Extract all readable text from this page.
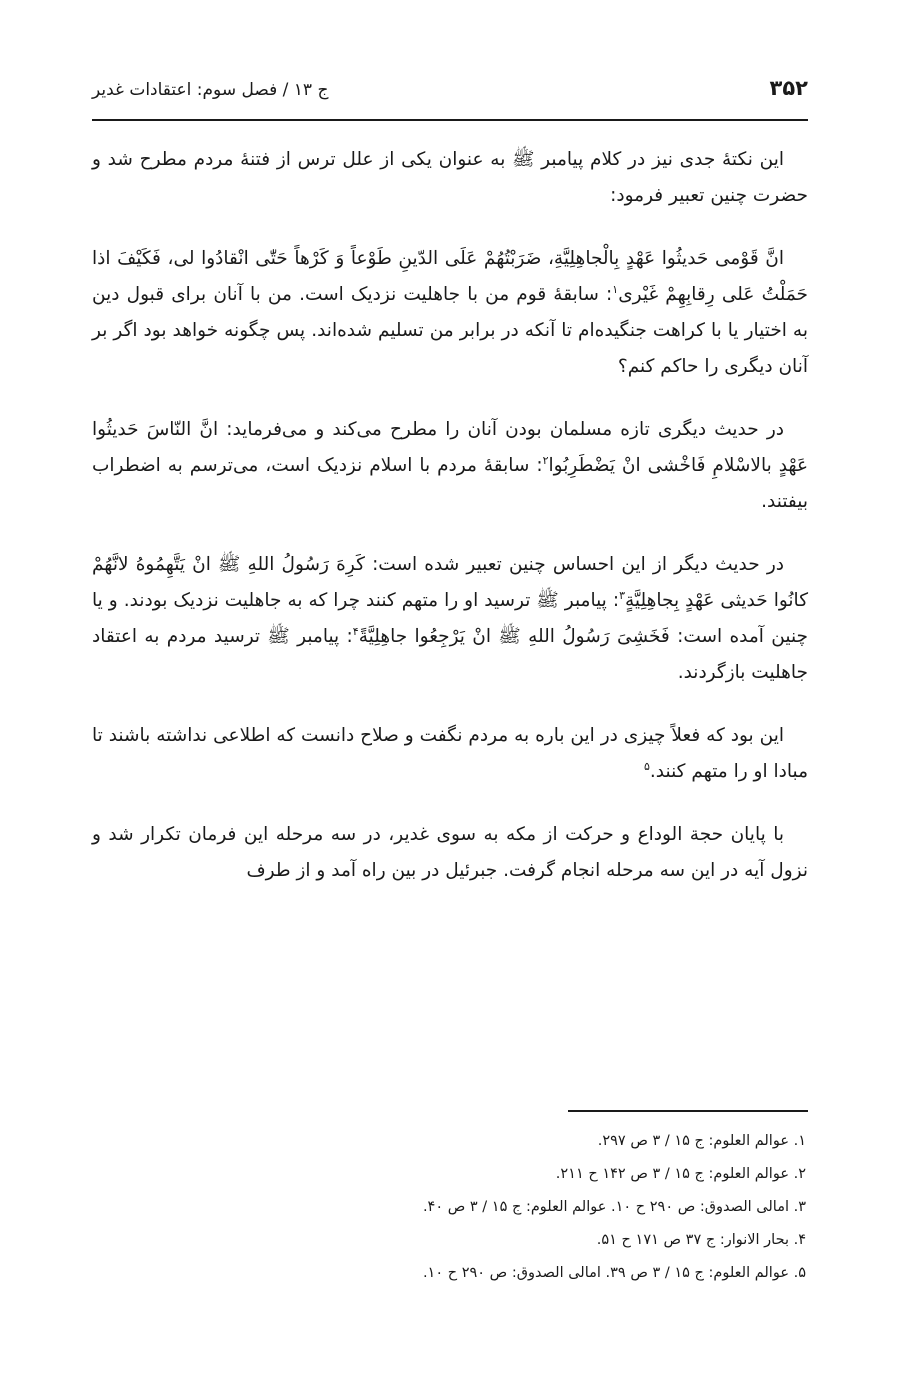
۳۵۲
ج ۱۳ / فصل سوم: اعتقادات غدیر

این نکتهٔ جدی نیز در کلام پیامبر ﷺ به عنوان یکی از علل ترس از فتنهٔ مردم مطرح شد و حضرت چنین تعبیر فرمود:

انَّ قَوْمی حَدیثُوا عَهْدٍ بِالْجاهِلِیَّةِ، ضَرَبْتُهُمْ عَلَی الدّینِ طَوْعاً وَ کَرْهاً حَتّٰی انْقادُوا لی، فَکَیْفَ اذا حَمَلْتُ عَلی رِقابِهِمْ غَیْری$^۱$: سابقهٔ قوم من با جاهلیت نزدیک است. من با آنان برای قبول دین به اختیار یا با کراهت جنگیده‌ام تا آنکه در برابر من تسلیم شده‌اند. پس چگونه خواهد بود اگر بر آنان دیگری را حاکم کنم؟

در حدیث دیگری تازه مسلمان بودن آنان را مطرح می‌کند و می‌فرماید: انَّ النّاسَ حَدیثُوا عَهْدٍ بالاسْلامِ فَاخْشی انْ یَضْطَرِبُوا$^۲$: سابقهٔ مردم با اسلام نزدیک است، می‌ترسم به اضطراب بیفتند.

در حدیث دیگر از این احساس چنین تعبیر شده است: کَرِهَ رَسُولُ اللهِ ﷺ انْ یَتَّهِمُوهُ لانَّهُمْ کانُوا حَدیثی عَهْدٍ بِجاهِلِیَّةٍ$^۳$: پیامبر ﷺ ترسید او را متهم کنند چرا که به جاهلیت نزدیک بودند. و یا چنین آمده است: فَخَشِیَ رَسُولُ اللهِ ﷺ انْ یَرْجِعُوا جاهِلِیَّةً$^۴$: پیامبر ﷺ ترسید مردم به اعتقاد جاهلیت بازگردند.

این بود که فعلاً چیزی در این باره به مردم نگفت و صلاح دانست که اطلاعی نداشته باشند تا مبادا او را متهم کنند.$^۵$

با پایان حجة الوداع و حرکت از مکه به سوی غدیر، در سه مرحله این فرمان تکرار شد و نزول آیه در این سه مرحله انجام گرفت. جبرئیل در بین راه آمد و از طرف

۱. عوالم العلوم: ج ۱۵ / ۳ ص ۲۹۷.

۲. عوالم العلوم: ج ۱۵ / ۳ ص ۱۴۲ ح ۲۱۱.

۳. امالی الصدوق: ص ۲۹۰ ح ۱۰. عوالم العلوم: ج ۱۵ / ۳ ص ۴۰.

۴. بحار الانوار: ج ۳۷ ص ۱۷۱ ح ۵۱.

۵. عوالم العلوم: ج ۱۵ / ۳ ص ۳۹. امالی الصدوق: ص ۲۹۰ ح ۱۰.
